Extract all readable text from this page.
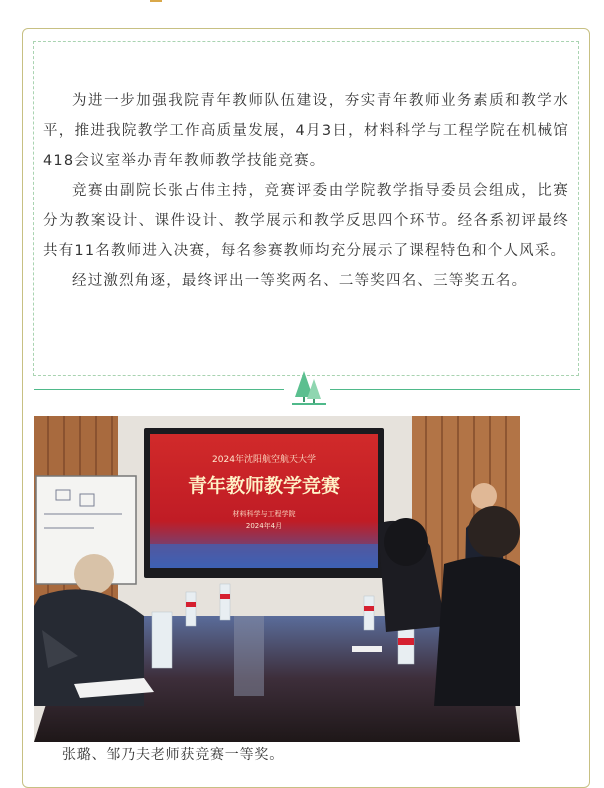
为进一步加强我院青年教师队伍建设，夯实青年教师业务素质和教学水平，推进我院教学工作高质量发展，4月3日，材料科学与工程学院在机械馆418会议室举办青年教师教学技能竞赛。

竞赛由副院长张占伟主持，竞赛评委由学院教学指导委员会组成，比赛分为教案设计、课件设计、教学展示和教学反思四个环节。经各系初评最终共有11名教师进入决赛，每名参赛教师均充分展示了课程特色和个人风采。

经过激烈角逐，最终评出一等奖两名、二等奖四名、三等奖五名。

2024年沈阳航空航天大学
青年教师教学竞赛
材料科学与工程学院
2024年4月
张璐、邹乃夫老师获竞赛一等奖。
